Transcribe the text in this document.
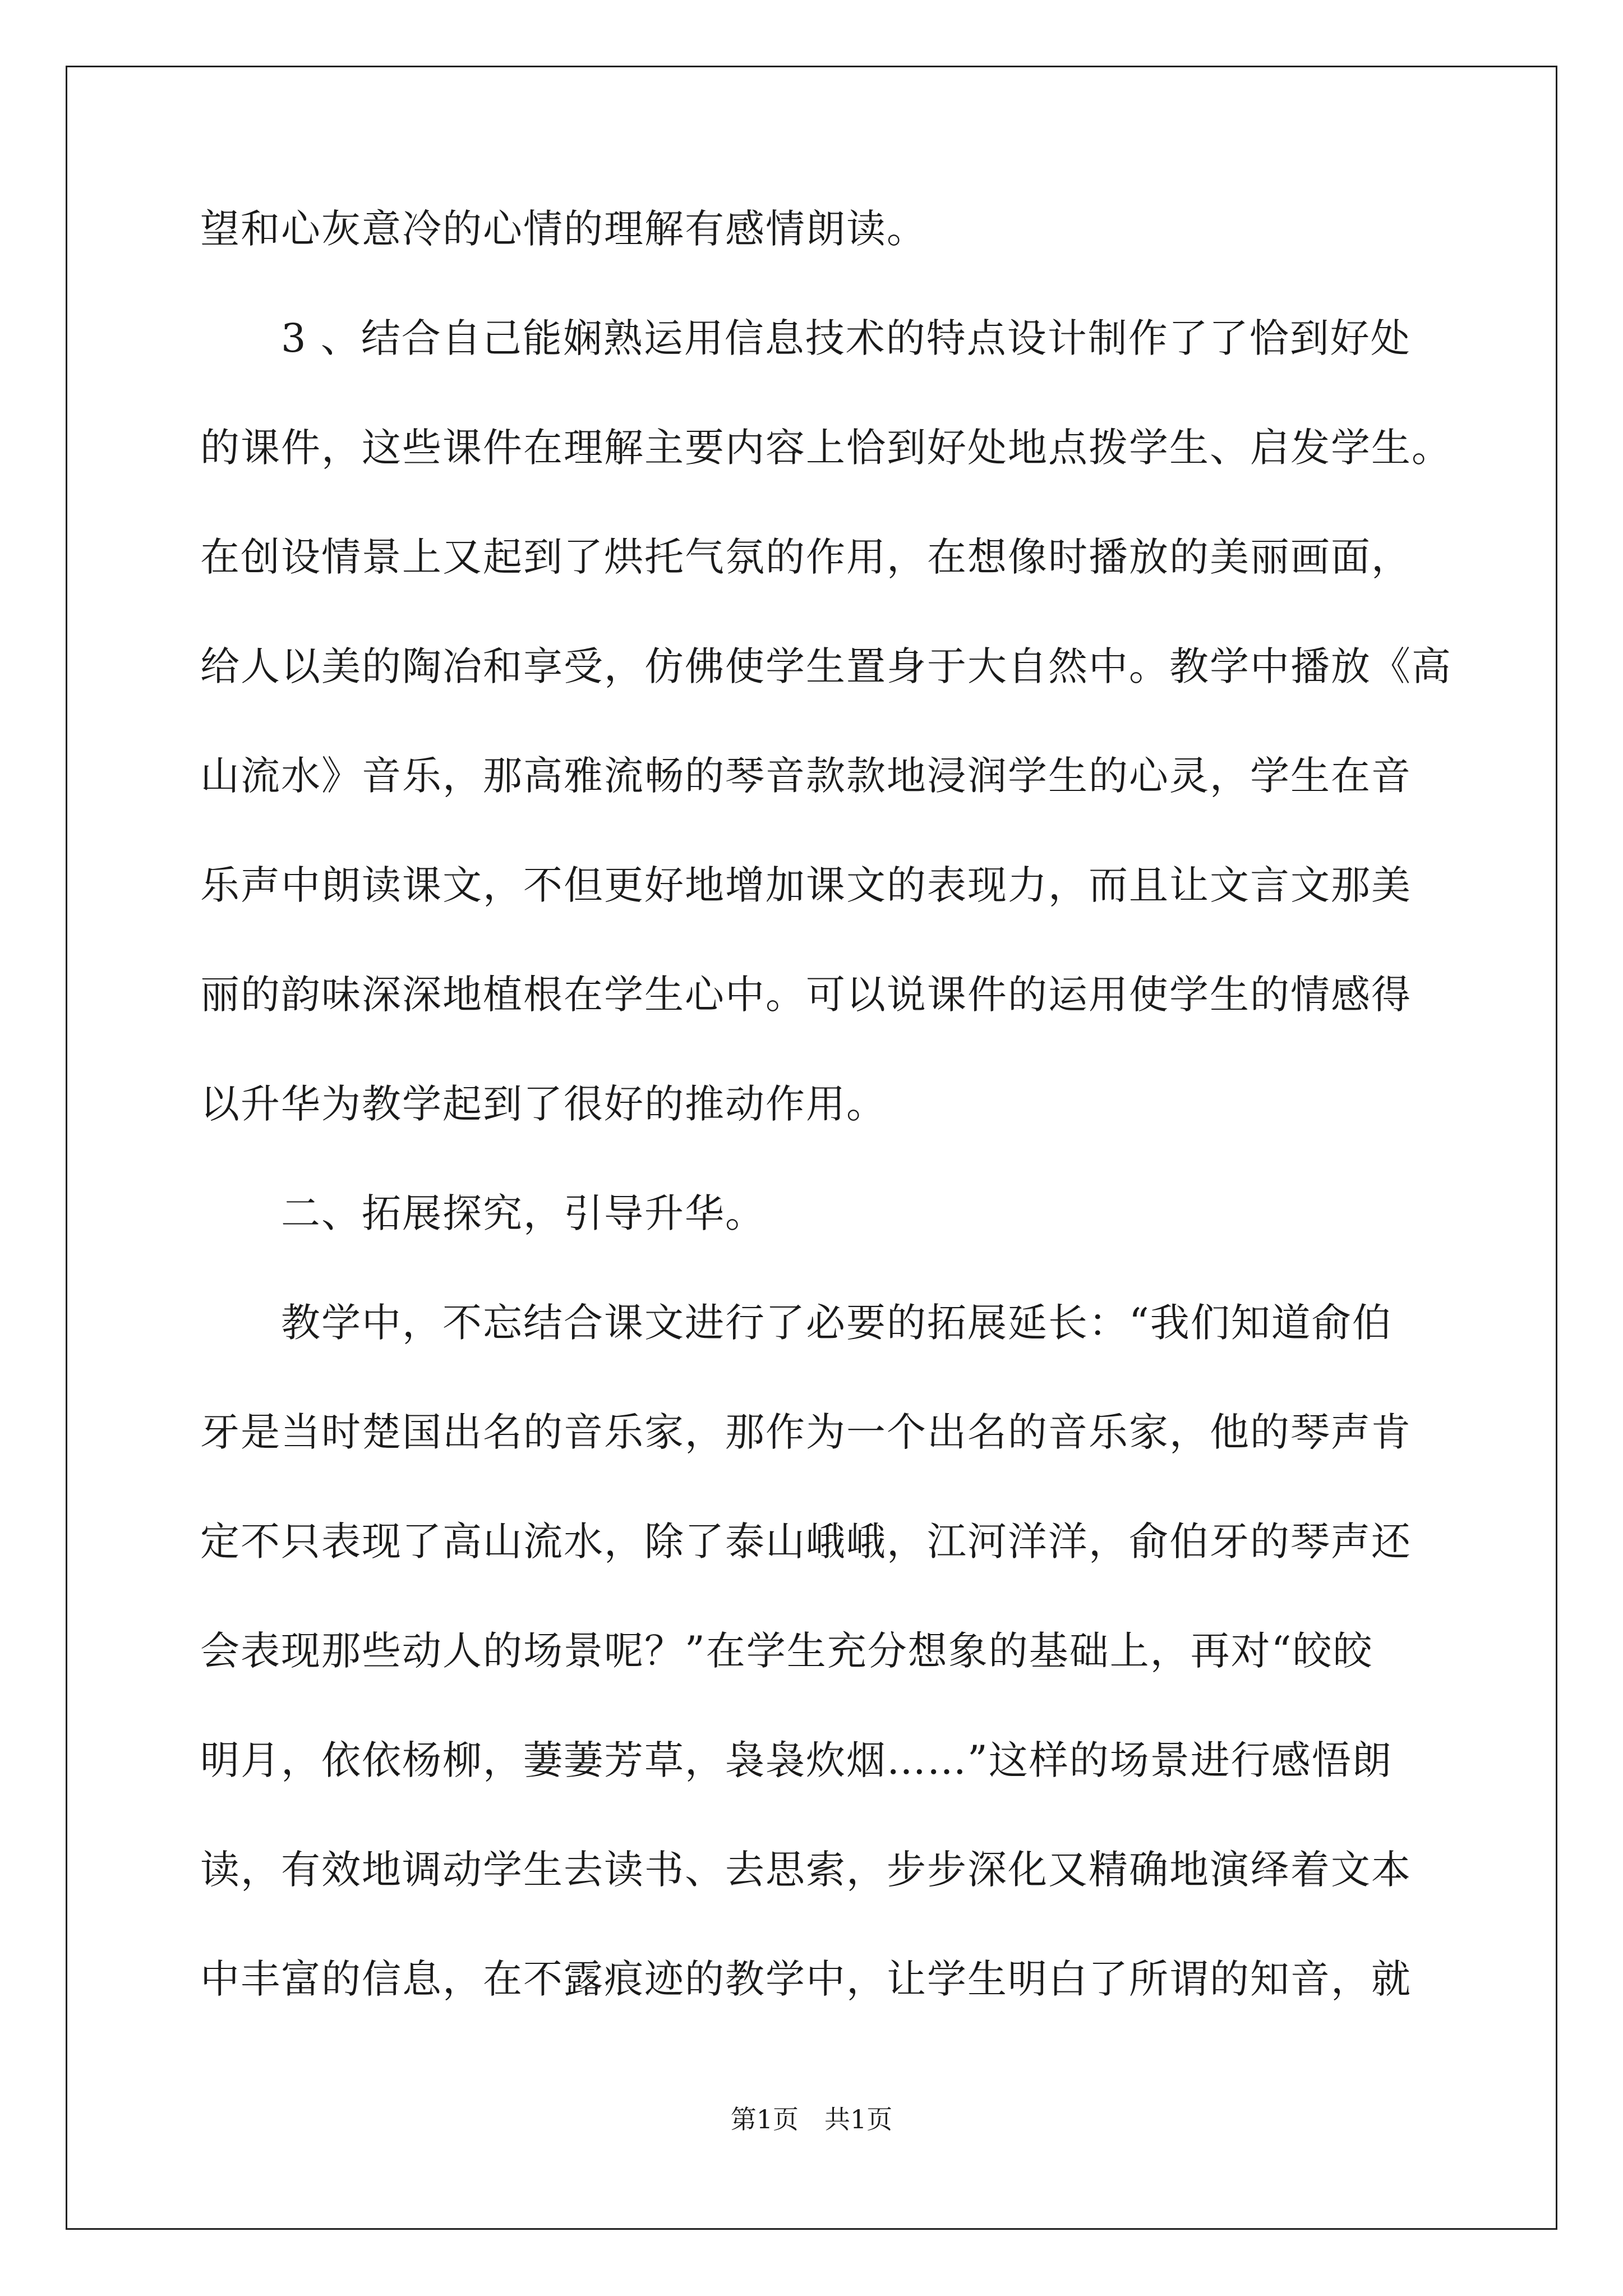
望和心灰意冷的心情的理解有感情朗读。
　　3 、结合自己能娴熟运用信息技术的特点设计制作了了恰到好处
的课件，这些课件在理解主要内容上恰到好处地点拨学生、启发学生。
在创设情景上又起到了烘托气氛的作用，在想像时播放的美丽画面，
给人以美的陶冶和享受，仿佛使学生置身于大自然中。教学中播放《高
山流水》音乐，那高雅流畅的琴音款款地浸润学生的心灵，学生在音
乐声中朗读课文，不但更好地增加课文的表现力，而且让文言文那美
丽的韵味深深地植根在学生心中。可以说课件的运用使学生的情感得
以升华为教学起到了很好的推动作用。
　　二、拓展探究，引导升华。
　　教学中，不忘结合课文进行了必要的拓展延长：“我们知道俞伯
牙是当时楚国出名的音乐家，那作为一个出名的音乐家，他的琴声肯
定不只表现了高山流水，除了泰山峨峨，江河洋洋，俞伯牙的琴声还
会表现那些动人的场景呢？”在学生充分想象的基础上，再对“皎皎
明月，依依杨柳，萋萋芳草，袅袅炊烟……”这样的场景进行感悟朗
读，有效地调动学生去读书、去思索，步步深化又精确地演绎着文本
中丰富的信息，在不露痕迹的教学中，让学生明白了所谓的知音，就
第1页　共1页
